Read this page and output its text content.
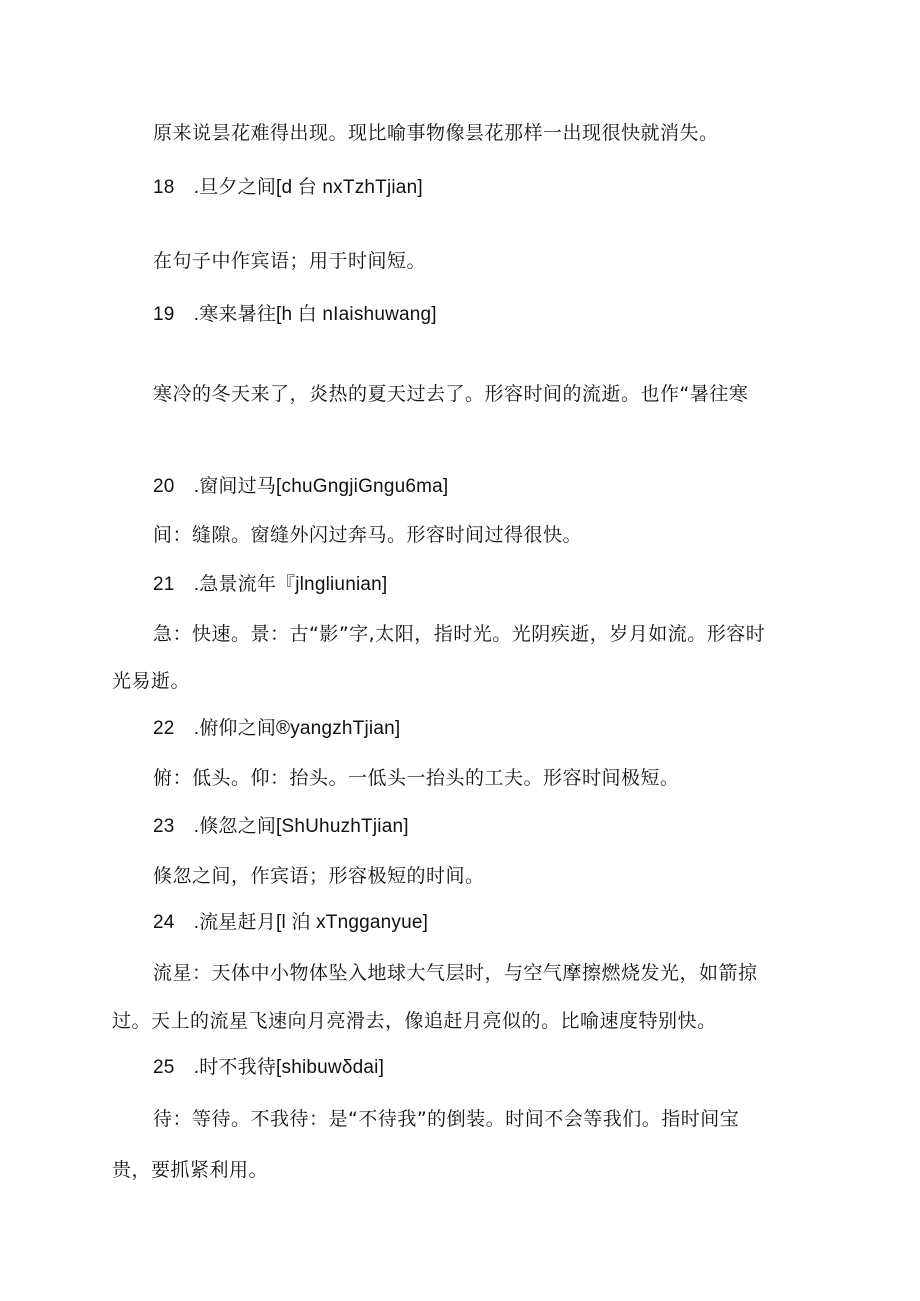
原来说昙花难得出现。现比喻事物像昙花那样一出现很快就消失。
18　.旦夕之间[d 台 nxTzhTjian]
在句子中作宾语；用于时间短。
19　.寒来暑往[h 白 nIaishuwang]
寒冷的冬天来了，炎热的夏天过去了。形容时间的流逝。也作“暑往寒
20　.窗间过马[chuGngjiGngu6ma]
间：缝隙。窗缝外闪过奔马。形容时间过得很快。
21　.急景流年『jlngliunian]
急：快速。景：古“影”字,太阳，指时光。光阴疾逝，岁月如流。形容时
光易逝。
22　.俯仰之间®yangzhTjian]
俯：低头。仰：抬头。一低头一抬头的工夫。形容时间极短。
23　.倏忽之间[ShUhuzhTjian]
倏忽之间，作宾语；形容极短的时间。
24　.流星赶月[l 泊 xTngganyue]
流星：天体中小物体坠入地球大气层时，与空气摩擦燃烧发光，如箭掠
过。天上的流星飞速向月亮滑去，像追赶月亮似的。比喻速度特别快。
25　.时不我待[shibuwδdai]
待：等待。不我待：是“不待我”的倒装。时间不会等我们。指时间宝
贵，要抓紧利用。
